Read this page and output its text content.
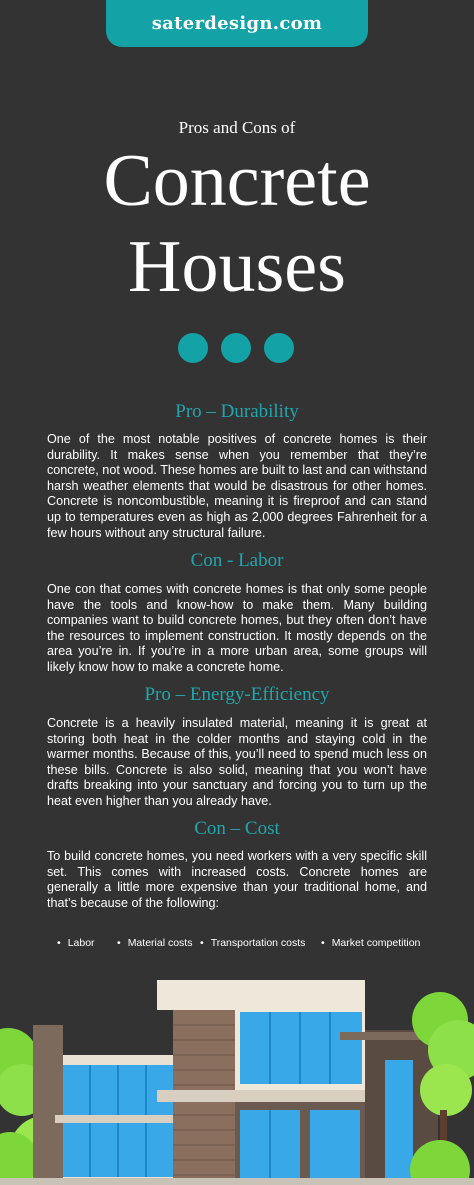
saterdesign.com
Pros and Cons of
Concrete
Houses
Pro – Durability
One of the most notable positives of concrete homes is their durability. It makes sense when you remember that they’re concrete, not wood. These homes are built to last and can withstand harsh weather elements that would be disastrous for other homes. Concrete is noncombustible, meaning it is fireproof and can stand up to temperatures even as high as 2,000 degrees Fahrenheit for a few hours without any structural failure.
Con - Labor
One con that comes with concrete homes is that only some people have the tools and know-how to make them. Many building companies want to build concrete homes, but they often don’t have the resources to implement construction. It mostly depends on the area you’re in. If you’re in a more urban area, some groups will likely know how to make a concrete home.
Pro – Energy-Efficiency
Concrete is a heavily insulated material, meaning it is great at storing both heat in the colder months and staying cold in the warmer months. Because of this, you’ll need to spend much less on these bills. Concrete is also solid, meaning that you won’t have drafts breaking into your sanctuary and forcing you to turn up the heat even higher than you already have.
Con – Cost
To build concrete homes, you need workers with a very specific skill set. This comes with increased costs. Concrete homes are generally a little more expensive than your traditional home, and that’s because of the following:
• Labor	• Material costs	• Transportation costs	• Market competition
